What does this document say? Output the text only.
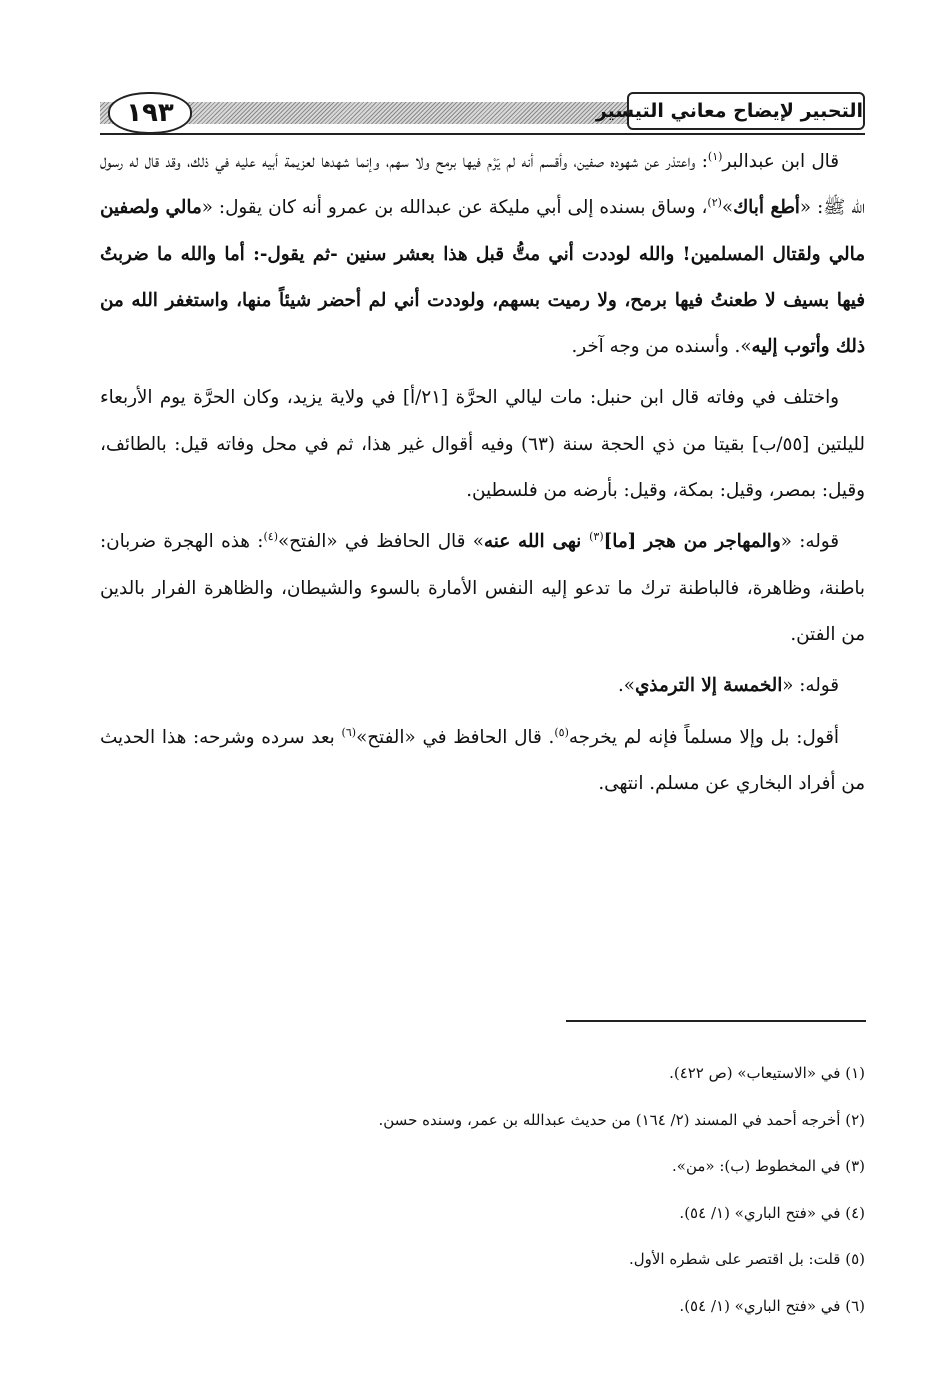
١٩٣	التحبير لإيضاح معاني التيسير

قال ابن عبدالبر$^{(١)}$: واعتذر عن شهوده صفين، وأقسم أنه لم يَرْم فيها برمح ولا سهم، وإنما شهدها لعزيمة أبيه عليه في ذلك، وقد قال له رسول الله ﷺ: «أطع أباك»$^{(٢)}$، وساق بسنده إلى أبي مليكة عن عبدالله بن عمرو أنه كان يقول: «مالي ولصفين مالي ولقتال المسلمين! والله لوددت أني متُّ قبل هذا بعشر سنين -ثم يقول-: أما والله ما ضربتُ فيها بسيف لا طعنتُ فيها برمح، ولا رميت بسهم، ولوددت أني لم أحضر شيئاً منها، واستغفر الله من ذلك وأتوب إليه». وأسنده من وجه آخر.

واختلف في وفاته قال ابن حنبل: مات ليالي الحرَّة [٢١/أ] في ولاية يزيد، وكان الحرَّة يوم الأربعاء لليلتين [٥٥/ب] بقيتا من ذي الحجة سنة (٦٣) وفيه أقوال غير هذا، ثم في محل وفاته قيل: بالطائف، وقيل: بمصر، وقيل: بمكة، وقيل: بأرضه من فلسطين.

قوله: «والمهاجر من هجر [ما]$^{(٣)}$ نهى الله عنه» قال الحافظ في «الفتح»$^{(٤)}$: هذه الهجرة ضربان: باطنة، وظاهرة، فالباطنة ترك ما تدعو إليه النفس الأمارة بالسوء والشيطان، والظاهرة الفرار بالدين من الفتن.

قوله: «الخمسة إلا الترمذي».

أقول: بل وإلا مسلماً فإنه لم يخرجه$^{(٥)}$. قال الحافظ في «الفتح»$^{(٦)}$ بعد سرده وشرحه: هذا الحديث من أفراد البخاري عن مسلم. انتهى.

(١) في «الاستيعاب» (ص ٤٢٢).

(٢) أخرجه أحمد في المسند (٢/ ١٦٤) من حديث عبدالله بن عمر، وسنده حسن.

(٣) في المخطوط (ب): «من».

(٤) في «فتح الباري» (١/ ٥٤).

(٥) قلت: بل اقتصر على شطره الأول.

(٦) في «فتح الباري» (١/ ٥٤).
